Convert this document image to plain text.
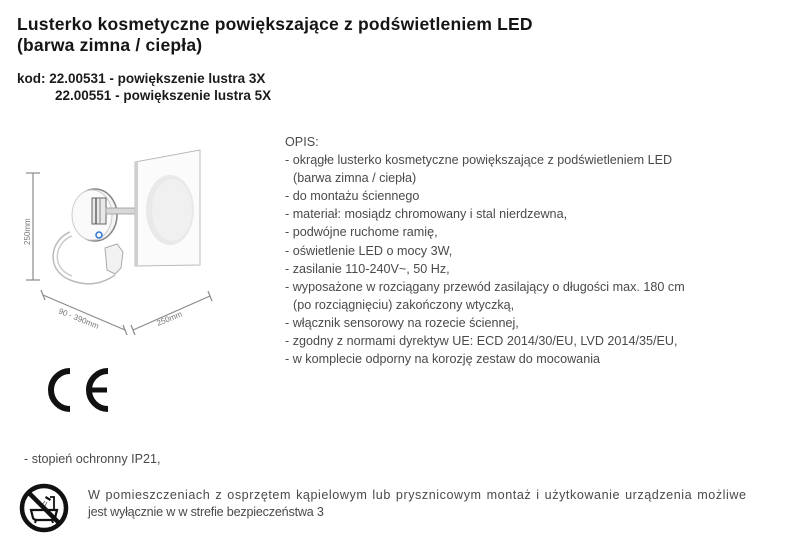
Lusterko kosmetyczne powiększające z podświetleniem LED
(barwa zimna / ciepła)
kod: 22.00531 - powiększenie lustra 3X
22.00551 - powiększenie lustra 5X
250mm
90 - 390mm	250mm
OPIS:
- okrągłe lusterko kosmetyczne powiększające z podświetleniem LED
(barwa zimna / ciepła)
- do montażu ściennego
- materiał: mosiądz chromowany i stal nierdzewna,
- podwójne ruchome ramię,
- oświetlenie LED o mocy 3W,
- zasilanie 110-240V~, 50 Hz,
- wyposażone w rozciągany przewód zasilający o długości max. 180 cm
(po rozciągnięciu) zakończony wtyczką,
- włącznik sensorowy na rozecie ściennej,
- zgodny z normami dyrektyw UE: ECD 2014/30/EU, LVD 2014/35/EU,
- w komplecie odporny na korozję zestaw do mocowania
- stopień ochronny IP21,
W pomieszczeniach z osprzętem kąpielowym lub prysznicowym montaż i użytkowanie urządzenia możliwe
jest wyłącznie w w strefie bezpieczeństwa 3
